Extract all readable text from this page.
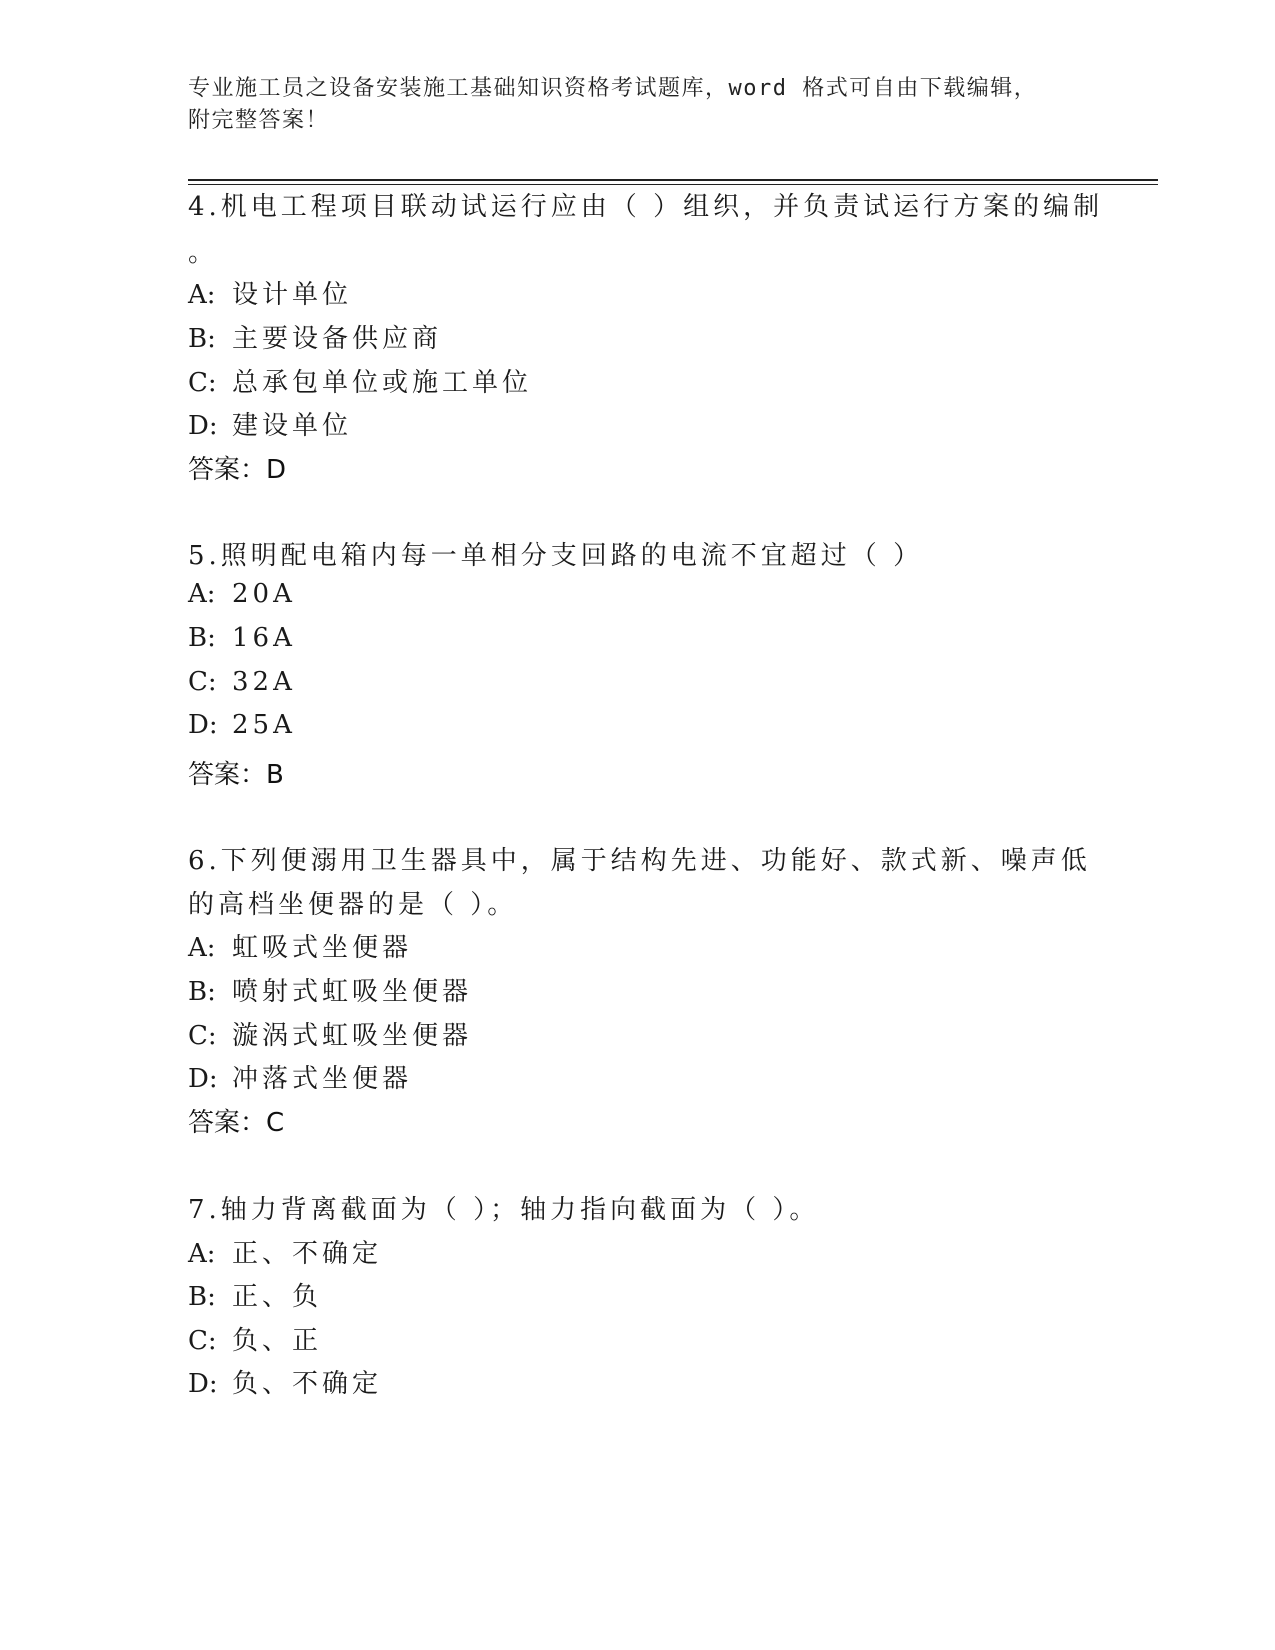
专业施工员之设备安装施工基础知识资格考试题库，word 格式可自由下载编辑，
附完整答案！
4.机电工程项目联动试运行应由（ ）组织，并负责试运行方案的编制
。
A: 设计单位
B: 主要设备供应商
C: 总承包单位或施工单位
D: 建设单位
答案：D
5.照明配电箱内每一单相分支回路的电流不宜超过（ ）
A: 20A
B: 16A
C: 32A
D: 25A
答案：B
6.下列便溺用卫生器具中，属于结构先进、功能好、款式新、噪声低
的高档坐便器的是（ ）。
A: 虹吸式坐便器
B: 喷射式虹吸坐便器
C: 漩涡式虹吸坐便器
D: 冲落式坐便器
答案：C
7.轴力背离截面为（ ）；轴力指向截面为（ ）。
A: 正、不确定
B: 正、负
C: 负、正
D: 负、不确定
